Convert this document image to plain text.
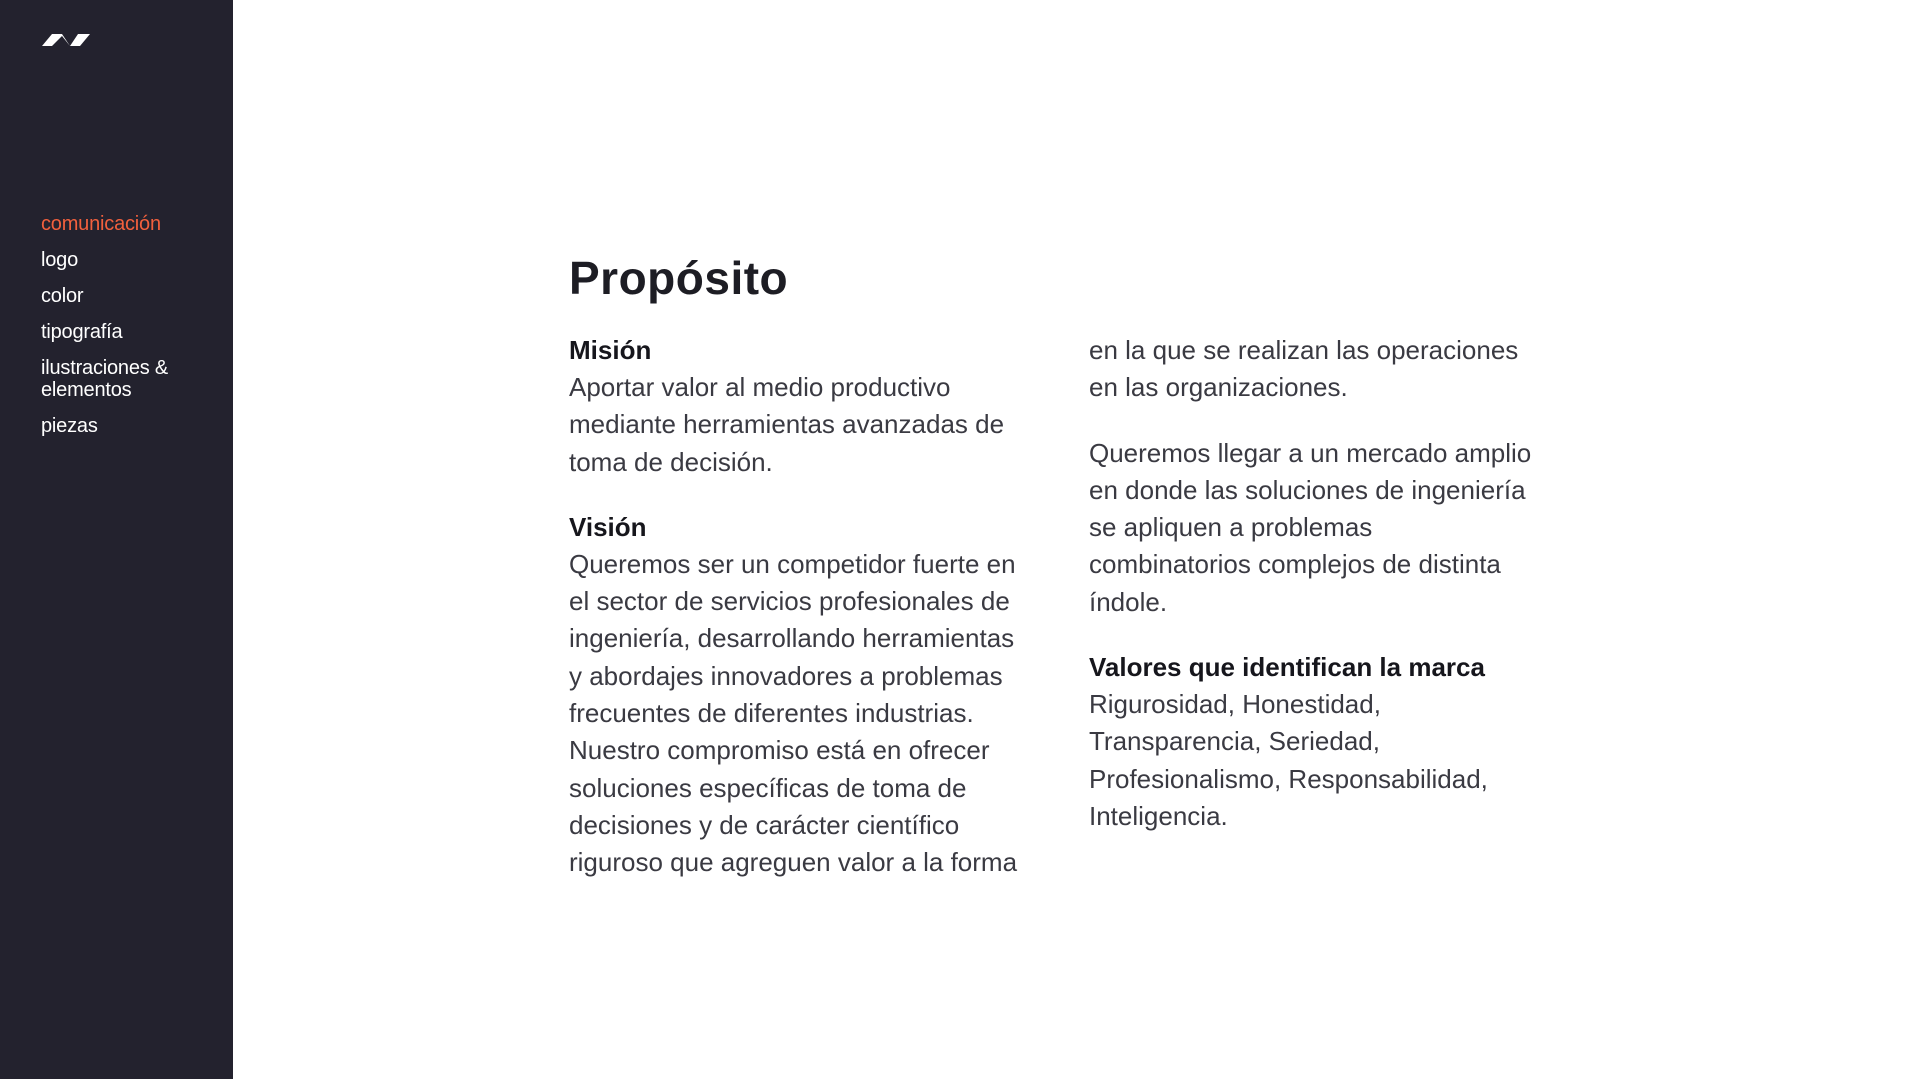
comunicación
logo
color
tipografía
ilustraciones &
elementos
piezas
Propósito
Misión

Aportar valor al medio productivo
mediante herramientas avanzadas de
toma de decisión.

Visión

Queremos ser un competidor fuerte en
el sector de servicios profesionales de
ingeniería, desarrollando herramientas
y abordajes innovadores a problemas
frecuentes de diferentes industrias.
Nuestro compromiso está en ofrecer
soluciones específicas de toma de
decisiones y de carácter científico
riguroso que agreguen valor a la forma

en la que se realizan las operaciones
en las organizaciones.

Queremos llegar a un mercado amplio
en donde las soluciones de ingeniería
se apliquen a problemas
combinatorios complejos de distinta
índole.

Valores que identifican la marca

Rigurosidad, Honestidad,
Transparencia, Seriedad,
Profesionalismo, Responsabilidad,
Inteligencia.
